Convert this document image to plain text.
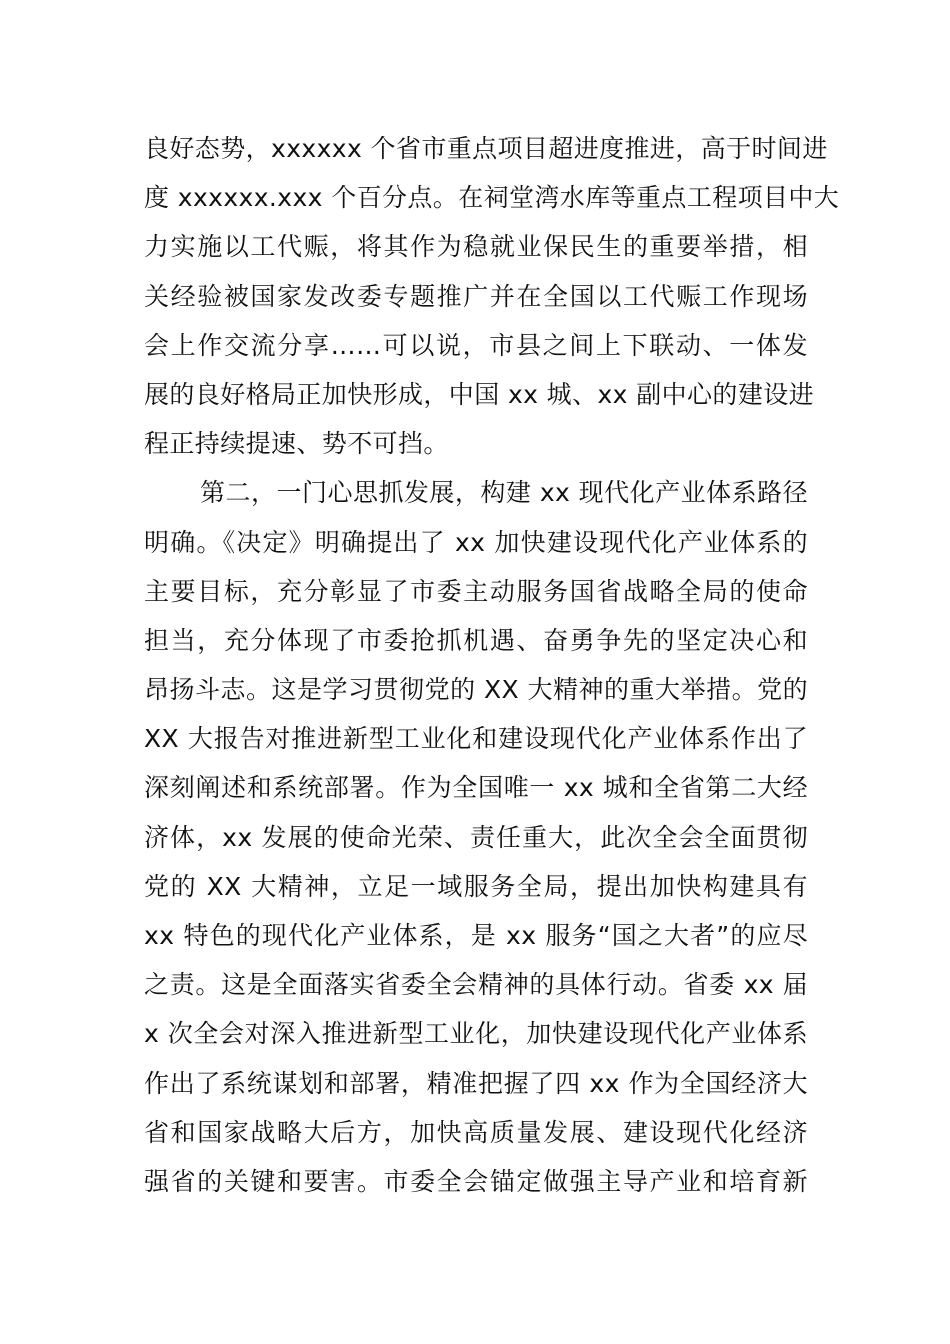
良好态势，xxxxxx 个省市重点项目超进度推进，高于时间进
度 xxxxxx.xxx 个百分点。在祠堂湾水库等重点工程项目中大
力实施以工代赈，将其作为稳就业保民生的重要举措，相
关经验被国家发改委专题推广并在全国以工代赈工作现场
会上作交流分享……可以说，市县之间上下联动、一体发
展的良好格局正加快形成，中国 xx 城、xx 副中心的建设进
程正持续提速、势不可挡。
第二，一门心思抓发展，构建 xx 现代化产业体系路径
明确。《决定》明确提出了 xx 加快建设现代化产业体系的
主要目标，充分彰显了市委主动服务国省战略全局的使命
担当，充分体现了市委抢抓机遇、奋勇争先的坚定决心和
昂扬斗志。这是学习贯彻党的 XX 大精神的重大举措。党的
XX 大报告对推进新型工业化和建设现代化产业体系作出了
深刻阐述和系统部署。作为全国唯一 xx 城和全省第二大经
济体，xx 发展的使命光荣、责任重大，此次全会全面贯彻
党的 XX 大精神，立足一域服务全局，提出加快构建具有
xx 特色的现代化产业体系，是 xx 服务“国之大者”的应尽
之责。这是全面落实省委全会精神的具体行动。省委 xx 届
x 次全会对深入推进新型工业化，加快建设现代化产业体系
作出了系统谋划和部署，精准把握了四 xx 作为全国经济大
省和国家战略大后方，加快高质量发展、建设现代化经济
强省的关键和要害。市委全会锚定做强主导产业和培育新
